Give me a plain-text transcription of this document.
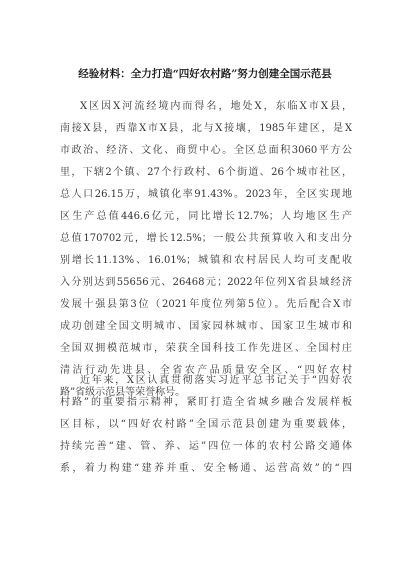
经验材料：全力打造“四好农村路”努力创建全国示范县
X区因X河流经境内而得名，地处X，东临X市X县，
南接X县，西靠X市X县，北与X接壤，1985年建区，是X
市政治、经济、文化、商贸中心。全区总面积3060平方公
里，下辖2个镇、27个行政村、6个街道、26个城市社区，
总人口26.15万，城镇化率91.43%。2023年，全区实现地
区生产总值446.6亿元，同比增长12.7%；人均地区生产
总值170702元，增长12.5%；一般公共预算收入和支出分
别增长11.13%、16.01%；城镇和农村居民人均可支配收
入分别达到55656元、26468元；2022年位列X省县域经济
发展十强县第3位（2021年度位列第5位）。先后配合X市
成功创建全国文明城市、国家园林城市、国家卫生城市和
全国双拥模范城市，荣获全国科技工作先进区、全国村庄
清洁行动先进县、全省农产品质量安全区、“四好农村
路”省级示范县等荣誉称号。
近年来，X区认真贯彻落实习近平总书记关于“四好农
村路”的重要指示精神，紧盯打造全省城乡融合发展样板
区目标，以“四好农村路”全国示范县创建为重要载体，
持续完善“建、管、养、运”四位一体的农村公路交通体
系，着力构建“建养并重、安全畅通、运营高效”的“四
